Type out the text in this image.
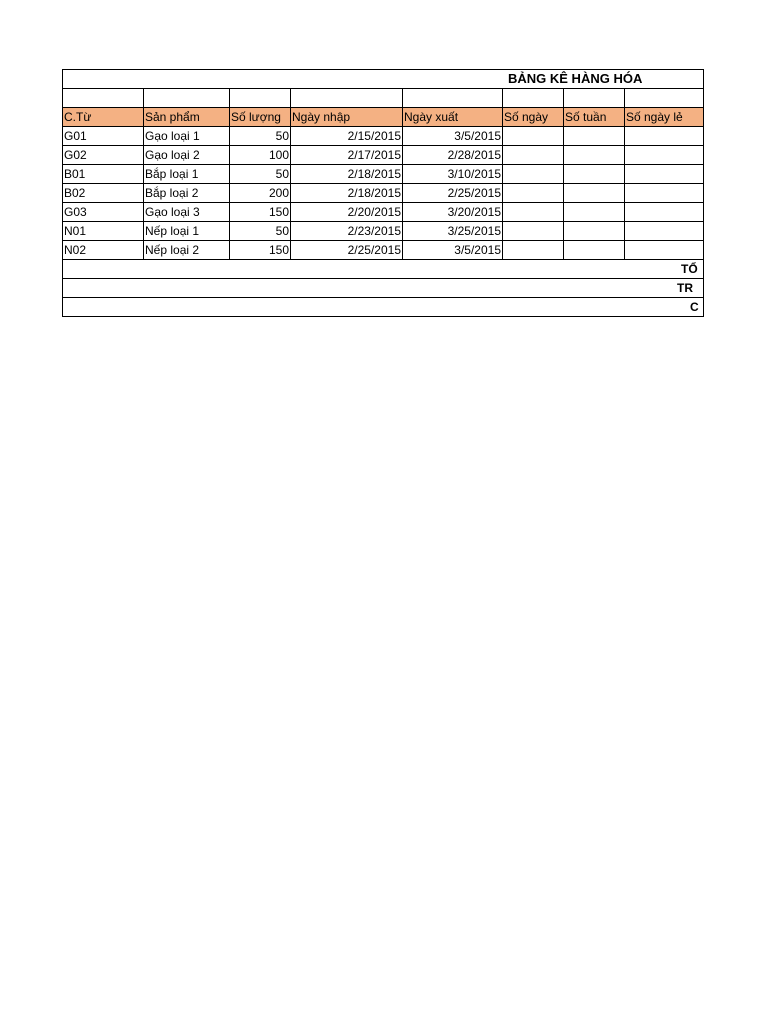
BẢNG KÊ HÀNG HÓA							

C.Từ	Sản phẩm	Số lượng	Ngày nhập	Ngày xuất	Số ngày	Số tuần	Số ngày lẻ
G01	Gạo loại 1	50	2/15/2015	3/5/2015			
G02	Gạo loại 2	100	2/17/2015	2/28/2015			
B01	Bắp loại 1	50	2/18/2015	3/10/2015			
B02	Bắp loại 2	200	2/18/2015	2/25/2015			
G03	Gạo loại 3	150	2/20/2015	3/20/2015			
N01	Nếp loại 1	50	2/23/2015	3/25/2015			
N02	Nếp loại 2	150	2/25/2015	3/5/2015			
TỔ							
TR							
C							
